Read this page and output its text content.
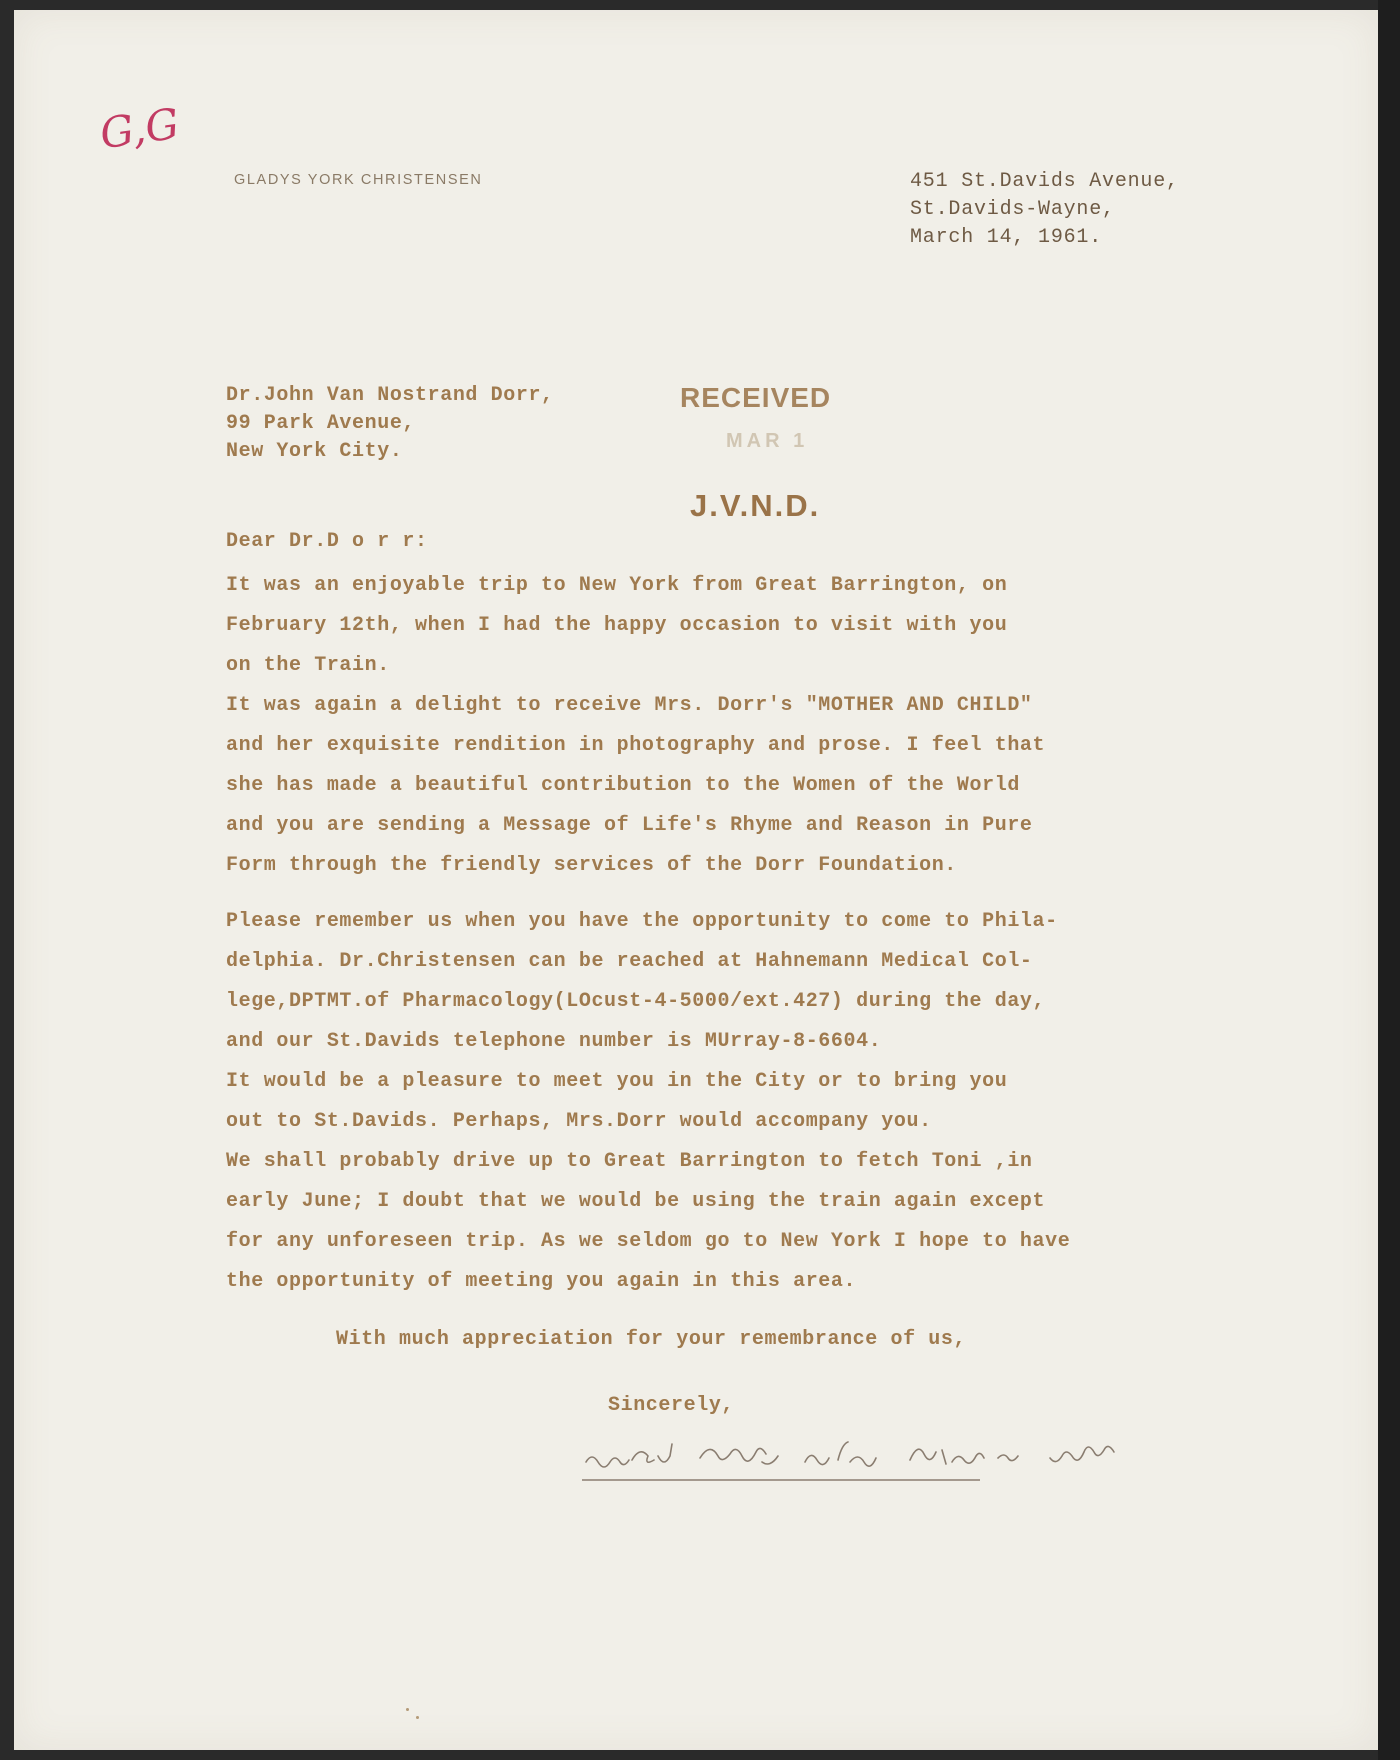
G,G

GLADYS YORK CHRISTENSEN	451 St.Davids Avenue,

St.Davids-Wayne,

March 14, 1961.

Dr.John Van Nostrand Dorr,

99 Park Avenue,

New York City.

RECEIVED

MAR 1

J.V.N.D.

Dear Dr.D o r r:

It was an enjoyable trip to New York from Great Barrington, on

February 12th, when I had the happy occasion to visit with you

on the Train.

It was again a delight to receive Mrs. Dorr's "MOTHER AND CHILD"

and her exquisite rendition in photography and prose. I feel that

she has made a beautiful contribution to the Women of the World

and you are sending a Message of Life's Rhyme and Reason in Pure

Form through the friendly services of the Dorr Foundation.

Please remember us when you have the opportunity to come to Phila-

delphia. Dr.Christensen can be reached at Hahnemann Medical Col-

lege,DPTMT.of Pharmacology(LOcust-4-5000/ext.427) during the day,

and our St.Davids telephone number is MUrray-8-6604.

It would be a pleasure to meet you in the City or to bring you

out to St.Davids. Perhaps, Mrs.Dorr would accompany you.

We shall probably drive up to Great Barrington to fetch Toni ,in

early June; I doubt that we would be using the train again except

for any unforeseen trip. As we seldom go to New York I hope to have

the opportunity of meeting you again in this area.

With much appreciation for your remembrance of us,

Sincerely,
